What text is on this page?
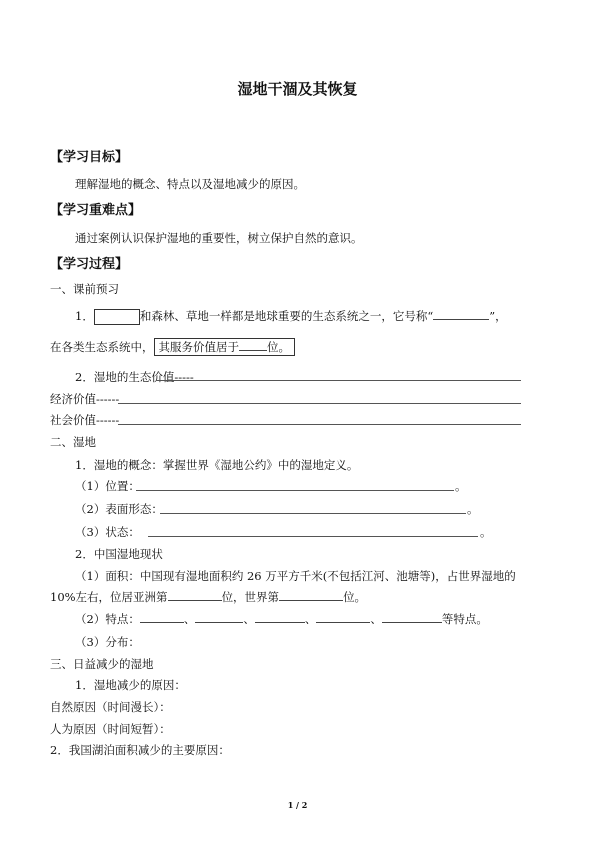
湿地干涸及其恢复
【学习目标】
理解湿地的概念、特点以及湿地减少的原因。
【学习重难点】
通过案例认识保护湿地的重要性，树立保护自然的意识。
【学习过程】
一、课前预习
1．	和森林、草地一样都是地球重要的生态系统之一，它号称“	”，
在各类生态系统中， 其服务价值居于 位。
2．湿地的生态价值-----
经济价值------
社会价值------
二、湿地
1．湿地的概念：掌握世界《湿地公约》中的湿地定义。
（1）位置：	。
（2）表面形态：	。
（3）状态：	。
2．中国湿地现状
（1）面积：中国现有湿地面积约 26 万平方千米(不包括江河、池塘等)，占世界湿地的
10%左右，位居亚洲第	位，世界第	位。
（2）特点：	、	、	、	、	等特点。
（3）分布：
三、日益减少的湿地
1．湿地减少的原因：
自然原因（时间漫长）：
人为原因（时间短暂）：
2．我国湖泊面积减少的主要原因：
1 / 2
